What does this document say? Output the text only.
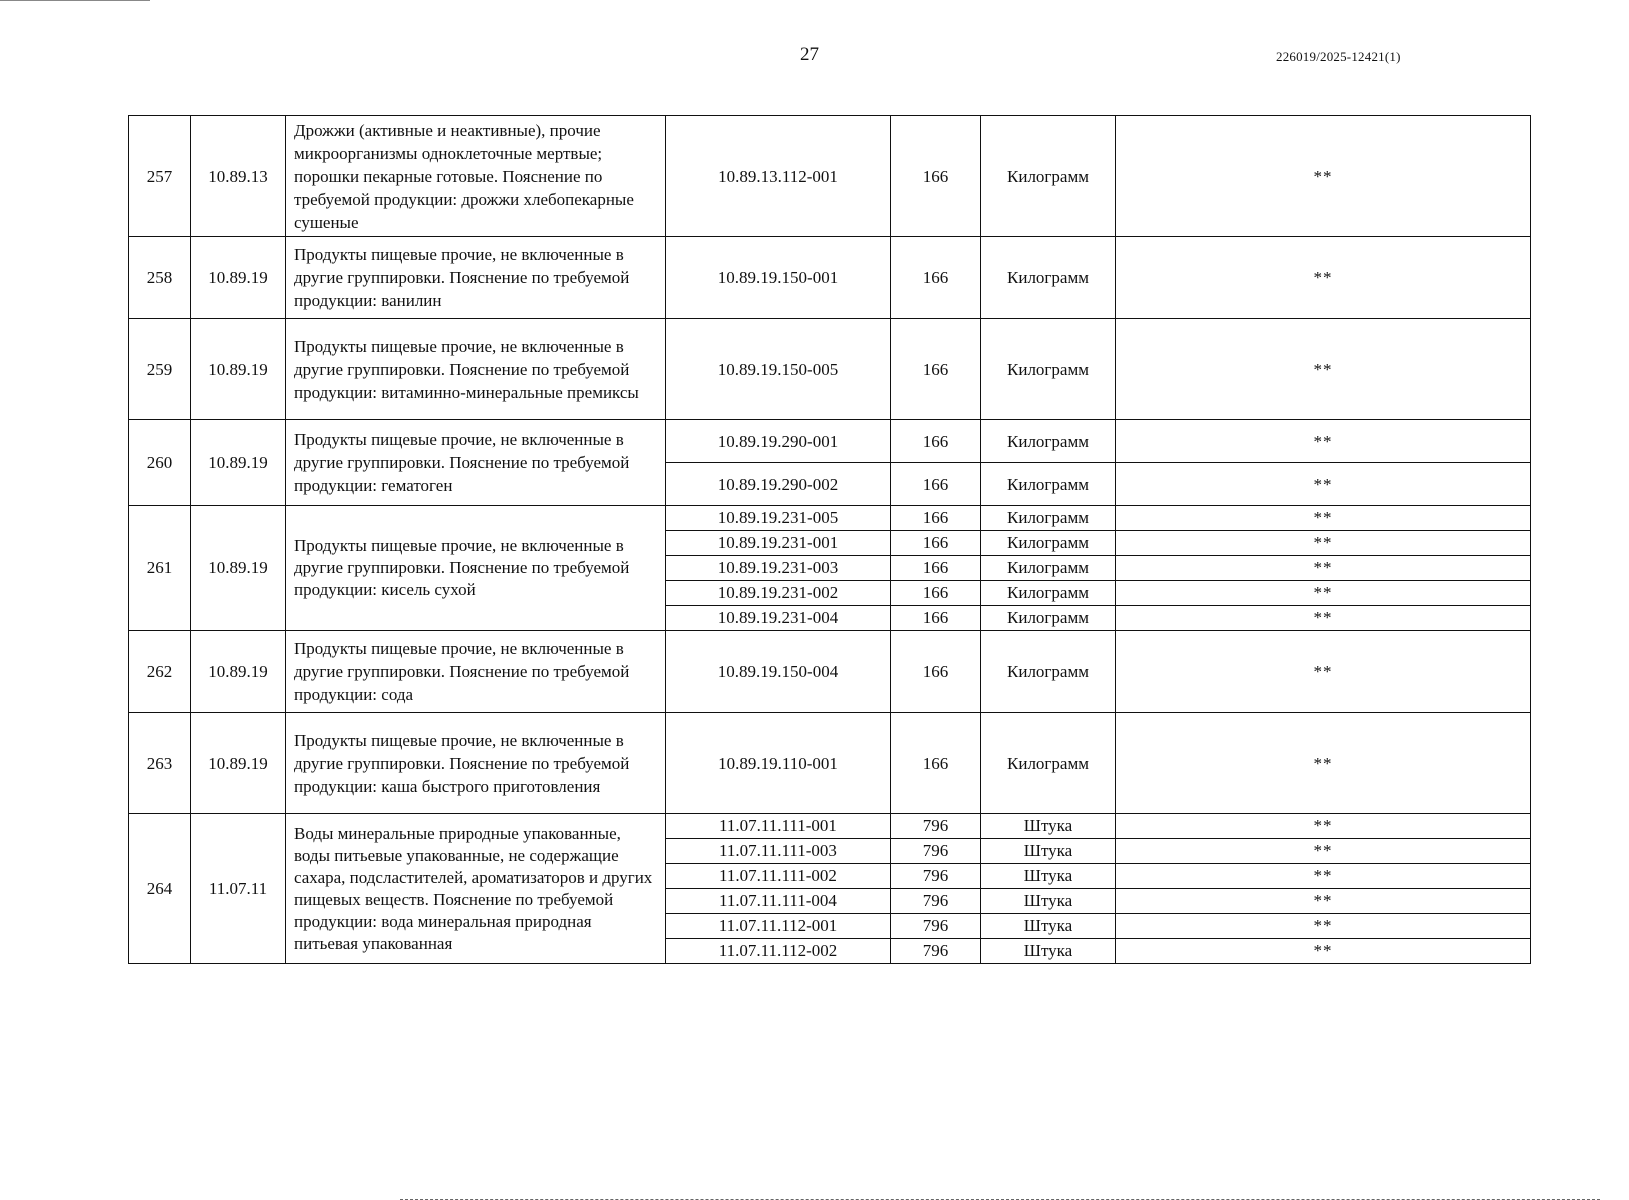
27	226019/2025-12421(1)
257	10.89.13	Дрожжи (активные и неактивные), прочие микроорганизмы одноклеточные мертвые; порошки пекарные готовые. Пояснение по требуемой продукции: дрожжи хлебопекарные сушеные	10.89.13.112-001	166	Килограмм	**
258	10.89.19	Продукты пищевые прочие, не включенные в другие группировки. Пояснение по требуемой продукции: ванилин	10.89.19.150-001	166	Килограмм	**
259	10.89.19	Продукты пищевые прочие, не включенные в другие группировки. Пояснение по требуемой продукции: витаминно-минеральные премиксы	10.89.19.150-005	166	Килограмм	**
260	10.89.19	Продукты пищевые прочие, не включенные в другие группировки. Пояснение по требуемой продукции: гематоген	10.89.19.290-001	166	Килограмм	**
			10.89.19.290-002	166	Килограмм	**
261	10.89.19	Продукты пищевые прочие, не включенные в другие группировки. Пояснение по требуемой продукции: кисель сухой	10.89.19.231-005	166	Килограмм	**
			10.89.19.231-001	166	Килограмм	**
			10.89.19.231-003	166	Килограмм	**
			10.89.19.231-002	166	Килограмм	**
			10.89.19.231-004	166	Килограмм	**
262	10.89.19	Продукты пищевые прочие, не включенные в другие группировки. Пояснение по требуемой продукции: сода	10.89.19.150-004	166	Килограмм	**
263	10.89.19	Продукты пищевые прочие, не включенные в другие группировки. Пояснение по требуемой продукции: каша быстрого приготовления	10.89.19.110-001	166	Килограмм	**
264	11.07.11	Воды минеральные природные упакованные, воды питьевые упакованные, не содержащие сахара, подсластителей, ароматизаторов и других пищевых веществ. Пояснение по требуемой продукции: вода минеральная природная питьевая упакованная	11.07.11.111-001	796	Штука	**
			11.07.11.111-003	796	Штука	**
			11.07.11.111-002	796	Штука	**
			11.07.11.111-004	796	Штука	**
			11.07.11.112-001	796	Штука	**
			11.07.11.112-002	796	Штука	**
